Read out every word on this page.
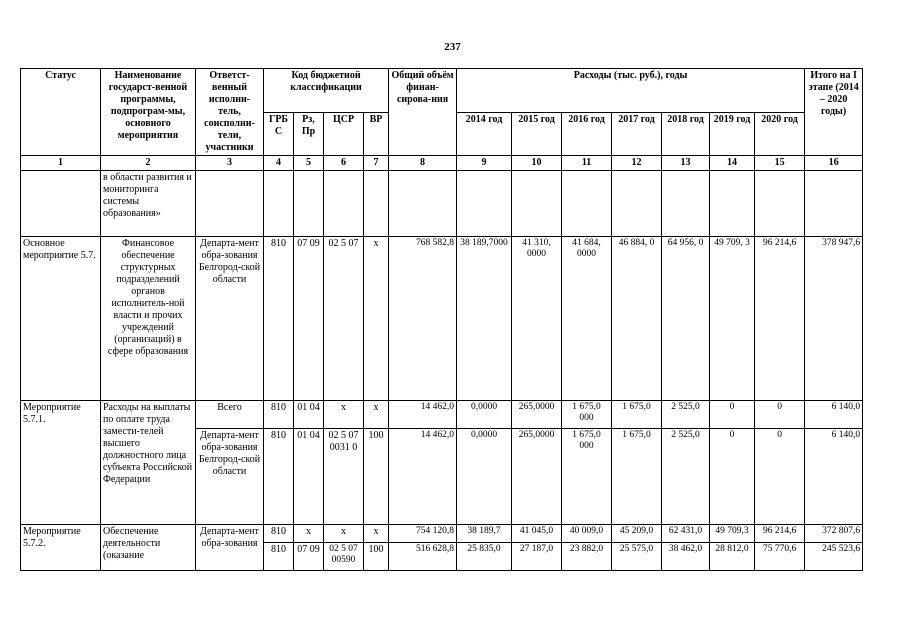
237
Статус	Наименование государст-венной программы, подпрограм-мы, основного мероприятия	Ответст-венный исполни-тель, соисполни-тели, участники	Код бюджетной классификации				Общий объём финан-сирова-ния	Расходы (тыс. руб.), годы							Итого на I этапе (2014 – 2020 годы)
			ГРБ С	Рз, Пр	ЦСР	ВР		2014 год	2015 год	2016 год	2017 год	2018 год	2019 год	2020 год	
1	2	3	4	5	6	7	8	9	10	11	12	13	14	15	16
	в области развития и мониторинга системы образования»														
Основное мероприятие 5.7.	Финансовое обеспечение структурных подразделений органов исполнитель-ной власти и прочих учреждений (организаций) в сфере образования	Департа-мент обра-зования Белгород-ской области	810	07 09	02 5 07	х	768 582,8	38 189,7000	41 310, 0000	41 684, 0000	46 884, 0	64 956, 0	49 709, 3	96 214,6	378 947,6
Мероприятие 5.7.1.	Расходы на выплаты по оплате труда замести-телей высшего должностного лица субъекта Российской Федерации	Всего	810	01 04	х	х	14 462,0	0,0000	265,0000	1 675,0 000	1 675,0	2 525,0	0	0	6 140,0
		Департа-мент обра-зования Белгород-ской области	810	01 04	02 5 07 0031 0	100	14 462,0	0,0000	265,0000	1 675,0 000	1 675,0	2 525,0	0	0	6 140,0
Мероприятие 5.7.2.	Обеспечение деятельности (оказание	Департа-мент обра-зования	810	х	х	х	754 120,8	38 189,7	41 045,0	40 009,0	45 209,0	62 431,0	49 709,3	96 214,6	372 807,6
			810	07 09	02 5 07 00590	100	516 628,8	25 835,0	27 187,0	23 882,0	25 575,0	38 462,0	28 812,0	75 770,6	245 523,6
